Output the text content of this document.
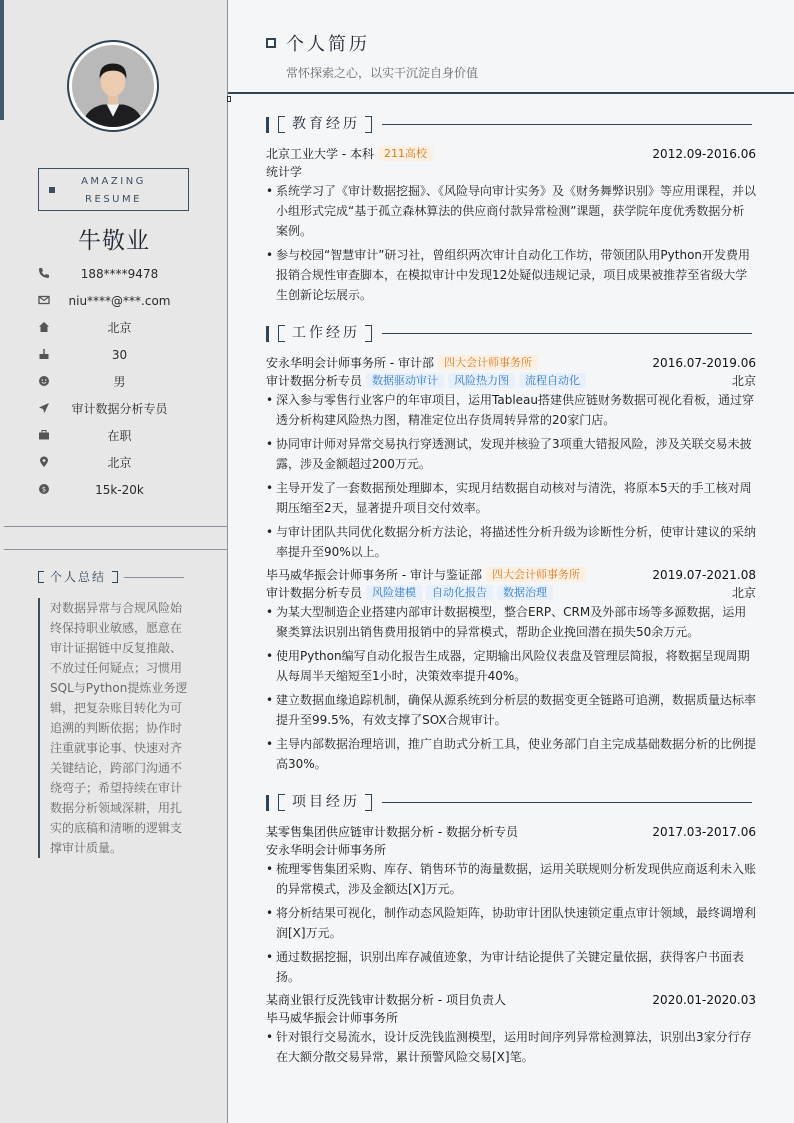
AMAZING
RESUME
牛敬业
188****9478
niu****@***.com
北京
30
男
审计数据分析专员
在职
北京
$	15k-20k
个人总结
对数据异常与合规风险始终保持职业敏感，愿意在审计证据链中反复推敲、不放过任何疑点；习惯用SQL与Python提炼业务逻辑，把复杂账目转化为可追溯的判断依据；协作时注重就事论事、快速对齐关键结论，跨部门沟通不绕弯子；希望持续在审计数据分析领域深耕，用扎实的底稿和清晰的逻辑支撑审计质量。
个人简历
常怀探索之心，以实干沉淀自身价值
教育经历
北京工业大学 - 本科 211高校	2012.09-2016.06
统计学
• 系统学习了《审计数据挖掘》、《风险导向审计实务》及《财务舞弊识别》等应用课程，并以小组形式完成“基于孤立森林算法的供应商付款异常检测”课题，获学院年度优秀数据分析案例。
• 参与校园“智慧审计”研习社，曾组织两次审计自动化工作坊，带领团队用Python开发费用报销合规性审查脚本，在模拟审计中发现12处疑似违规记录，项目成果被推荐至省级大学生创新论坛展示。
工作经历
安永华明会计师事务所 - 审计部 四大会计师事务所	2016.07-2019.06
审计数据分析专员 数据驱动审计 风险热力图 流程自动化	北京
• 深入参与零售行业客户的年审项目，运用Tableau搭建供应链财务数据可视化看板，通过穿透分析构建风险热力图，精准定位出存货周转异常的20家门店。
• 协同审计师对异常交易执行穿透测试，发现并核验了3项重大错报风险，涉及关联交易未披露，涉及金额超过200万元。
• 主导开发了一套数据预处理脚本，实现月结数据自动核对与清洗，将原本5天的手工核对周期压缩至2天，显著提升项目交付效率。
• 与审计团队共同优化数据分析方法论，将描述性分析升级为诊断性分析，使审计建议的采纳率提升至90%以上。
毕马威华振会计师事务所 - 审计与鉴证部 四大会计师事务所	2019.07-2021.08
审计数据分析专员 风险建模 自动化报告 数据治理	北京
• 为某大型制造企业搭建内部审计数据模型，整合ERP、CRM及外部市场等多源数据，运用聚类算法识别出销售费用报销中的异常模式，帮助企业挽回潜在损失50余万元。
• 使用Python编写自动化报告生成器，定期输出风险仪表盘及管理层简报，将数据呈现周期从每周半天缩短至1小时，决策效率提升40%。
• 建立数据血缘追踪机制，确保从源系统到分析层的数据变更全链路可追溯，数据质量达标率提升至99.5%，有效支撑了SOX合规审计。
• 主导内部数据治理培训，推广自助式分析工具，使业务部门自主完成基础数据分析的比例提高30%。
项目经历
某零售集团供应链审计数据分析 - 数据分析专员	2017.03-2017.06
安永华明会计师事务所
• 梳理零售集团采购、库存、销售环节的海量数据，运用关联规则分析发现供应商返利未入账的异常模式，涉及金额达[X]万元。
• 将分析结果可视化，制作动态风险矩阵，协助审计团队快速锁定重点审计领域，最终调增利润[X]万元。
• 通过数据挖掘，识别出库存减值迹象，为审计结论提供了关键定量依据，获得客户书面表扬。
某商业银行反洗钱审计数据分析 - 项目负责人	2020.01-2020.03
毕马威华振会计师事务所
• 针对银行交易流水，设计反洗钱监测模型，运用时间序列异常检测算法，识别出3家分行存在大额分散交易异常，累计预警风险交易[X]笔。
